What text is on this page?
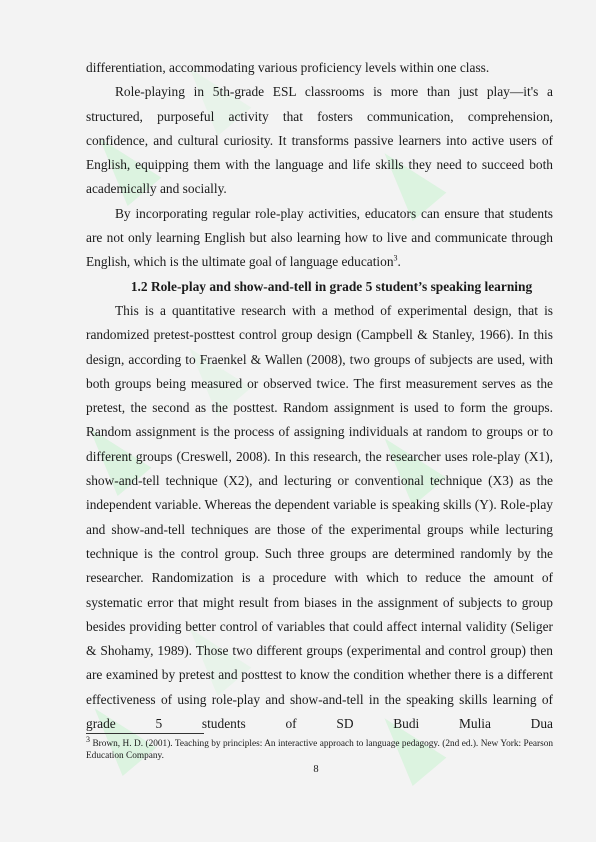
differentiation, accommodating various proficiency levels within one class.

Role-playing in 5th-grade ESL classrooms is more than just play—it's a structured, purposeful activity that fosters communication, comprehension, confidence, and cultural curiosity. It transforms passive learners into active users of English, equipping them with the language and life skills they need to succeed both academically and socially.

By incorporating regular role-play activities, educators can ensure that students are not only learning English but also learning how to live and communicate through English, which is the ultimate goal of language education$^3$.

1.2 Role-play and show-and-tell in grade 5 student’s speaking learning

This is a quantitative research with a method of experimental design, that is randomized pretest-posttest control group design (Campbell & Stanley, 1966). In this design, according to Fraenkel & Wallen (2008), two groups of subjects are used, with both groups being measured or observed twice. The first measurement serves as the pretest, the second as the posttest. Random assignment is used to form the groups. Random assignment is the process of assigning individuals at random to groups or to different groups (Creswell, 2008). In this research, the researcher uses role-play (X1), show-and-tell technique (X2), and lecturing or conventional technique (X3) as the independent variable. Whereas the dependent variable is speaking skills (Y). Role-play and show-and-tell techniques are those of the experimental groups while lecturing technique is the control group. Such three groups are determined randomly by the researcher. Randomization is a procedure with which to reduce the amount of systematic error that might result from biases in the assignment of subjects to group besides providing better control of variables that could affect internal validity (Seliger & Shohamy, 1989). Those two different groups (experimental and control group) then are examined by pretest and posttest to know the condition whether there is a different effectiveness of using role-play and show-and-tell in the speaking skills learning of grade 5 students of SD Budi Mulia Dua

$^3$ Brown, H. D. (2001). Teaching by principles: An interactive approach to language pedagogy. (2nd ed.). New York: Pearson Education Company.
8
